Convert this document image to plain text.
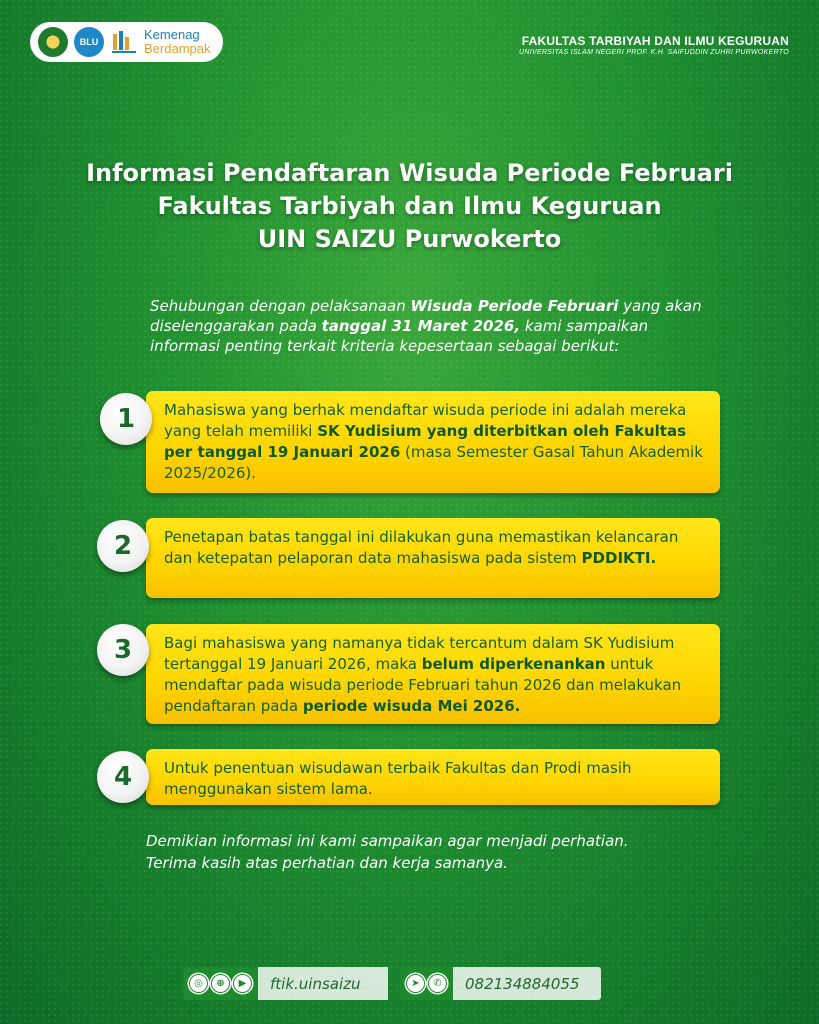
BLU	Kemenag
Berdampak	FAKULTAS TARBIYAH DAN ILMU KEGURUAN
UNIVERSITAS ISLAM NEGERI PROF. K.H. SAIFUDDIN ZUHRI PURWOKERTO
Informasi Pendaftaran Wisuda Periode Februari
Fakultas Tarbiyah dan Ilmu Keguruan
UIN SAIZU Purwokerto

Sehubungan dengan pelaksanaan Wisuda Periode Februari yang akan diselenggarakan pada tanggal 31 Maret 2026, kami sampaikan informasi penting terkait kriteria kepesertaan sebagai berikut:

Mahasiswa yang berhak mendaftar wisuda periode ini adalah mereka yang telah memiliki SK Yudisium yang diterbitkan oleh Fakultas per tanggal 19 Januari 2026 (masa Semester Gasal Tahun Akademik 2025/2026).
1
Penetapan batas tanggal ini dilakukan guna memastikan kelancaran dan ketepatan pelaporan data mahasiswa pada sistem PDDIKTI.
2
Bagi mahasiswa yang namanya tidak tercantum dalam SK Yudisium tertanggal 19 Januari 2026, maka belum diperkenankan untuk mendaftar pada wisuda periode Februari tahun 2026 dan melakukan pendaftaran pada periode wisuda Mei 2026.
3
Untuk penentuan wisudawan terbaik Fakultas dan Prodi masih menggunakan sistem lama.
4
Demikian informasi ini kami sampaikan agar menjadi perhatian.
Terima kasih atas perhatian dan kerja samanya.
◎	⊕	▶	ftik.uinsaizu	➤	✆	082134884055
